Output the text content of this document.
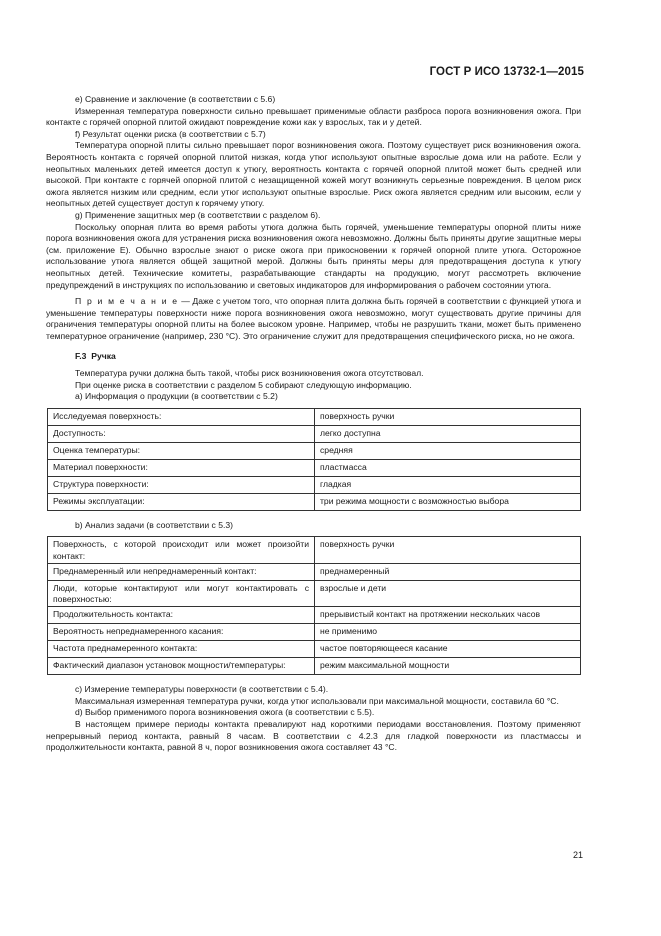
ГОСТ Р ИСО 13732-1—2015

е) Сравнение и заключение (в соответствии с 5.6)

Измеренная температура поверхности сильно превышает применимые области разброса порога возникновения ожога. При контакте с горячей опорной плитой ожидают повреждение кожи как у взрослых, так и у детей.

f) Результат оценки риска (в соответствии с 5.7)

Температура опорной плиты сильно превышает порог возникновения ожога. Поэтому существует риск возникновения ожога. Вероятность контакта с горячей опорной плитой низкая, когда утюг используют опытные взрослые дома или на работе. Если у неопытных маленьких детей имеется доступ к утюгу, вероятность контакта с горячей опорной плитой может быть средней или высокой. При контакте с горячей опорной плитой с незащищенной кожей могут возникнуть серьезные повреждения. В целом риск ожога является низким или средним, если утюг используют опытные взрослые. Риск ожога является средним или высоким, если у неопытных детей существует доступ к горячему утюгу.

g) Применение защитных мер (в соответствии с разделом 6).

Поскольку опорная плита во время работы утюга должна быть горячей, уменьшение температуры опорной плиты ниже порога возникновения ожога для устранения риска возникновения ожога невозможно. Должны быть приняты другие защитные меры (см. приложение Е). Обычно взрослые знают о риске ожога при прикосновении к горячей опорной плите утюга. Осторожное использование утюга является общей защитной мерой. Должны быть приняты меры для предотвращения доступа к утюгу неопытных детей. Технические комитеты, разрабатывающие стандарты на продукцию, могут рассмотреть включение предупреждений в инструкциях по использованию и световых индикаторов для информирования о рабочем состоянии утюга.

П р и м е ч а н и е — Даже с учетом того, что опорная плита должна быть горячей в соответствии с функцией утюга и уменьшение температуры поверхности ниже порога возникновения ожога невозможно, могут существовать другие причины для ограничения температуры опорной плиты на более высоком уровне. Например, чтобы не разрушить ткани, может быть применено температурное ограничение (например, 230 °С). Это ограничение служит для предотвращения специфического риска, но не ожога.

F.3 Ручка

Температура ручки должна быть такой, чтобы риск возникновения ожога отсутствовал.

При оценке риска в соответствии с разделом 5 собирают следующую информацию.

а) Информация о продукции (в соответствии с 5.2)

Исследуемая поверхность:	поверхность ручки
Доступность:	легко доступна
Оценка температуры:	средняя
Материал поверхности:	пластмасса
Структура поверхности:	гладкая
Режимы эксплуатации:	три режима мощности с возможностью выбора

b) Анализ задачи (в соответствии с 5.3)

Поверхность, с которой происходит или может произойти контакт:	поверхность ручки
Преднамеренный или непреднамеренный контакт:	преднамеренный
Люди, которые контактируют или могут контактировать с поверхностью:	взрослые и дети
Продолжительность контакта:	прерывистый контакт на протяжении нескольких часов
Вероятность непреднамеренного касания:	не применимо
Частота преднамеренного контакта:	частое повторяющееся касание
Фактический диапазон установок мощности/температуры:	режим максимальной мощности

с) Измерение температуры поверхности (в соответствии с 5.4).

Максимальная измеренная температура ручки, когда утюг использовали при максимальной мощности, составила 60 °С.

d) Выбор применимого порога возникновения ожога (в соответствии с 5.5).

В настоящем примере периоды контакта превалируют над короткими периодами восстановления. Поэтому применяют непрерывный период контакта, равный 8 часам. В соответствии с 4.2.3 для гладкой поверхности из пластмассы и продолжительности контакта, равной 8 ч, порог возникновения ожога составляет 43 °С.

21
